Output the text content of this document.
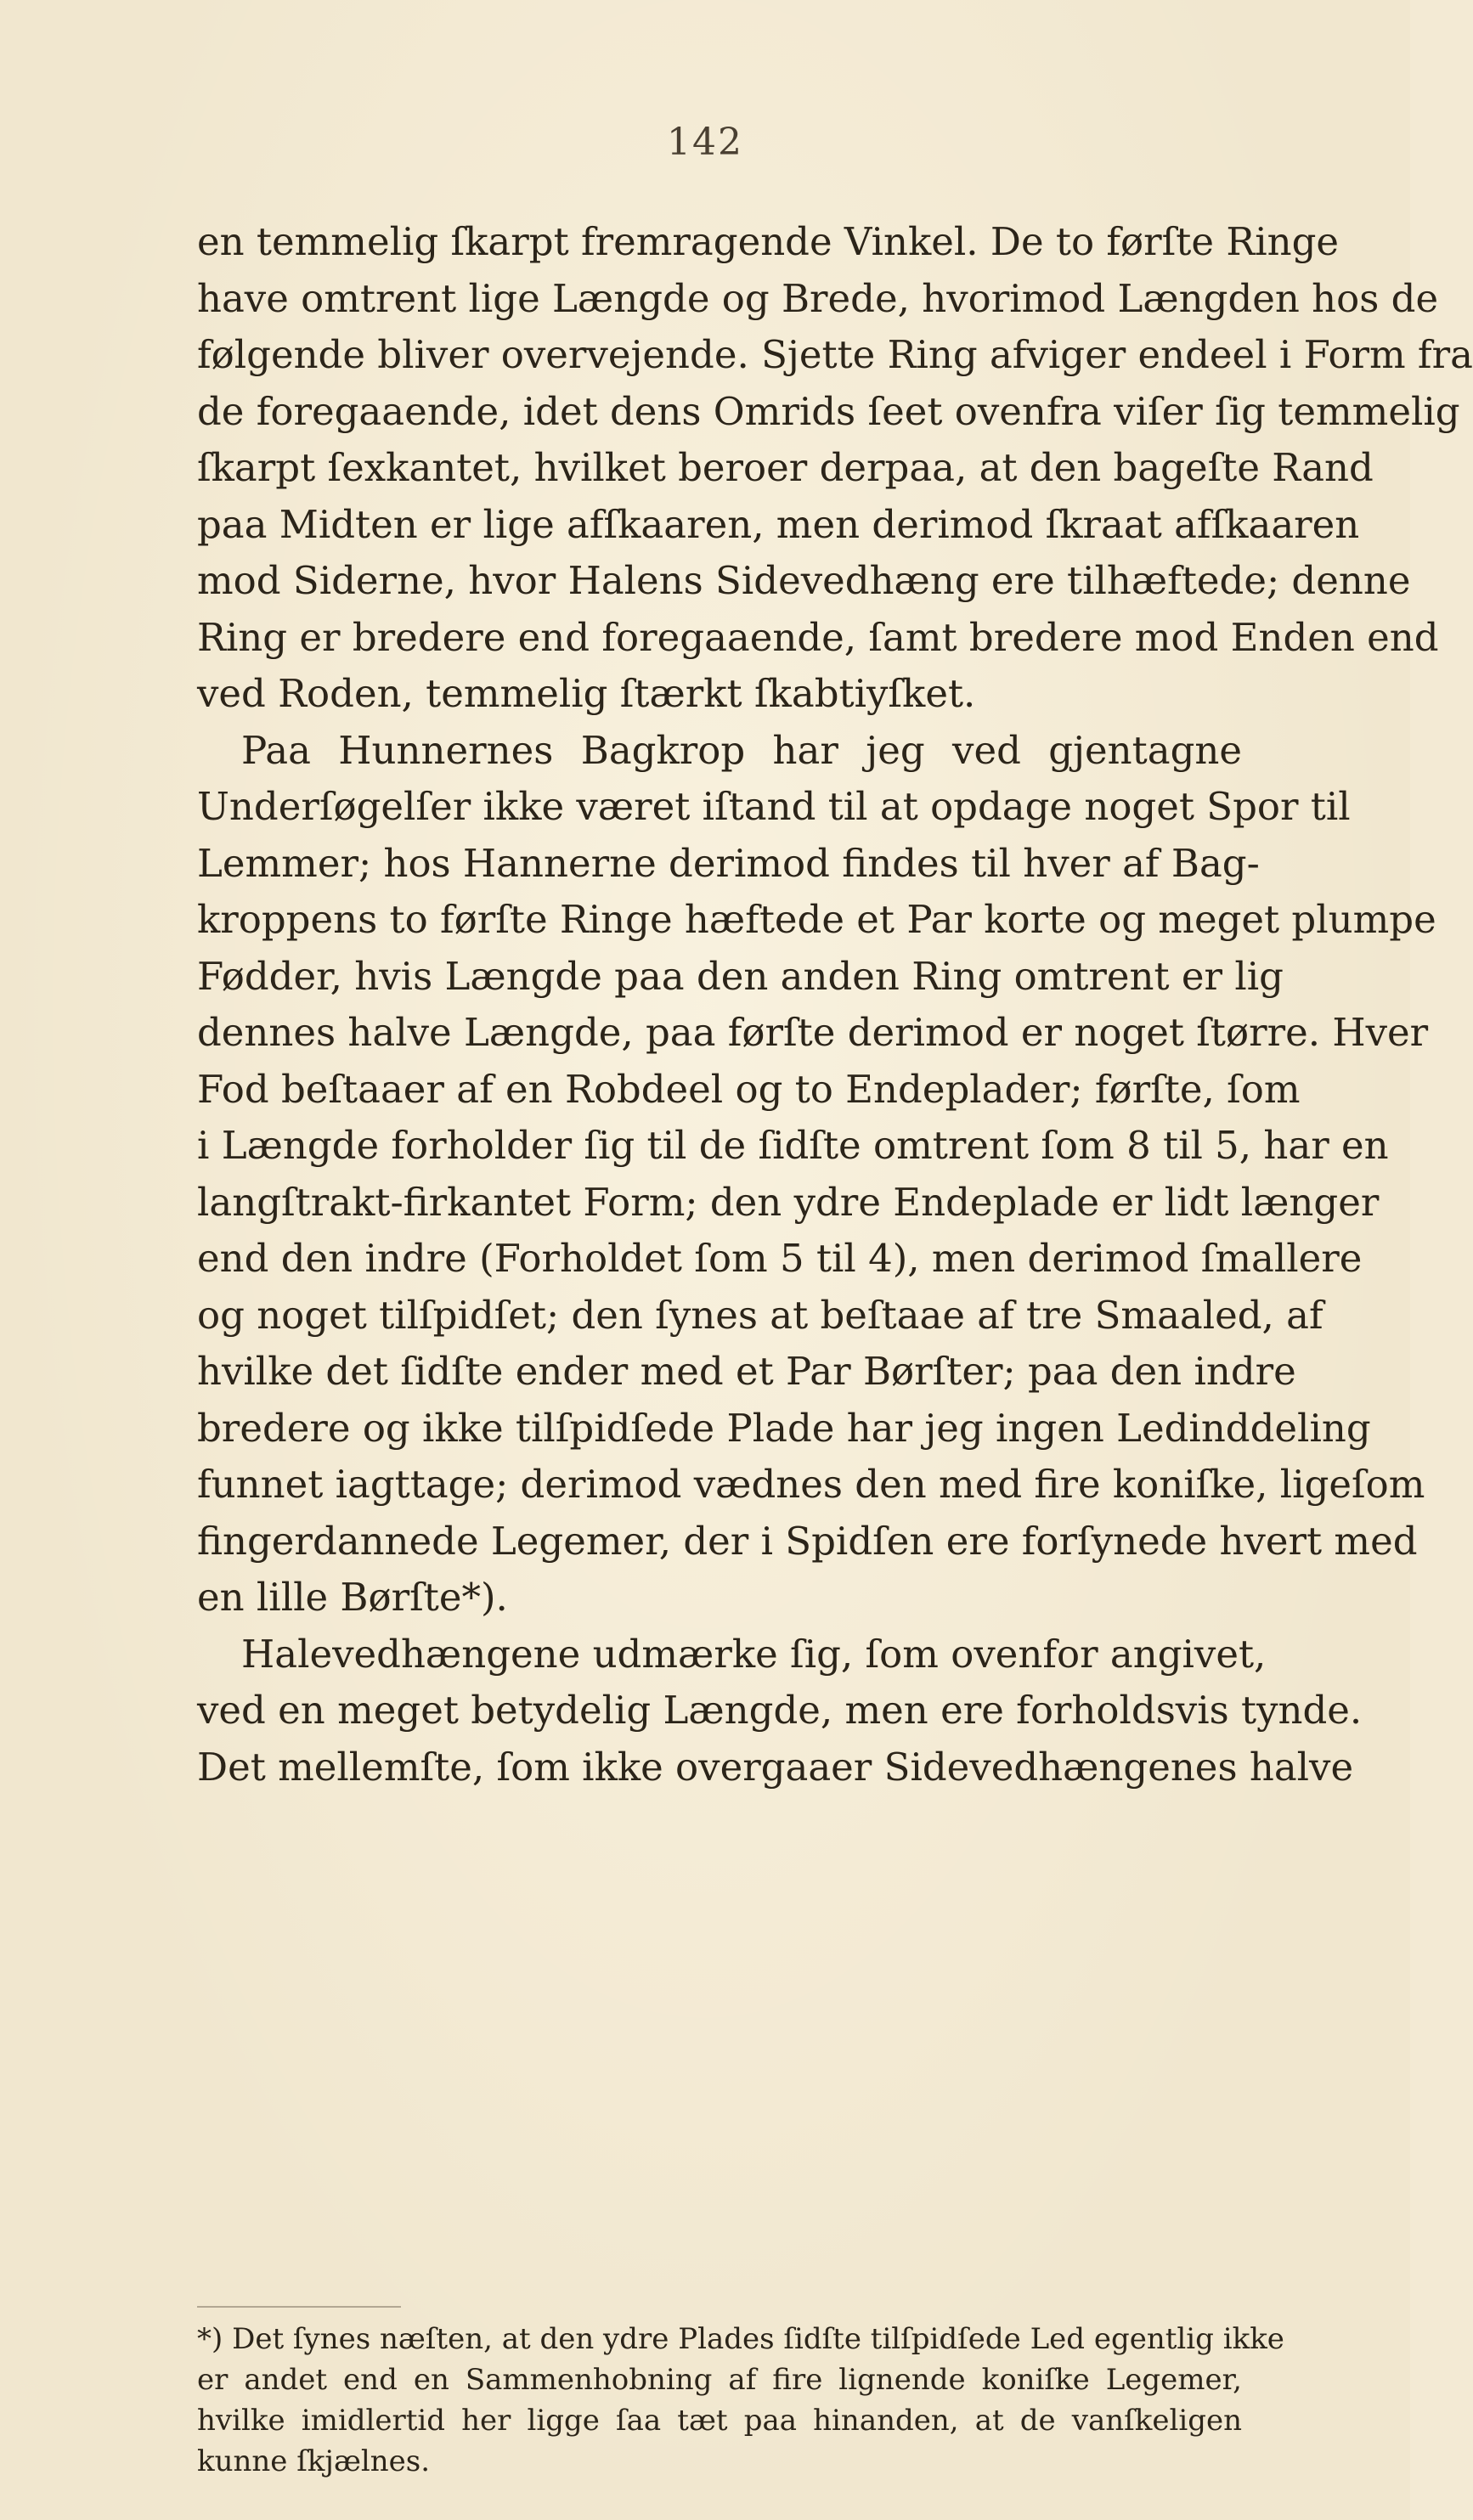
142
en temmelig ſkarpt fremragende Vinkel. De to førſte Ringe
have omtrent lige Længde og Brede, hvorimod Længden hos de
følgende bliver overvejende. Sjette Ring afviger endeel i Form fra
de foregaaende, idet dens Omrids ſeet ovenfra viſer ſig temmelig
ſkarpt ſexkantet, hvilket beroer derpaa, at den bageſte Rand
paa Midten er lige afſkaaren, men derimod ſkraat afſkaaren
mod Siderne, hvor Halens Sidevedhæng ere tilhæftede; denne
Ring er bredere end foregaaende, ſamt bredere mod Enden end
ved Roden, temmelig ſtærkt ſkabtiyſket.
Paa Hunnernes Bagkrop har jeg ved gjentagne
Underſøgelſer ikke været iſtand til at opdage noget Spor til
Lemmer; hos Hannerne derimod findes til hver af Bag-
kroppens to førſte Ringe hæftede et Par korte og meget plumpe
Fødder, hvis Længde paa den anden Ring omtrent er lig
dennes halve Længde, paa førſte derimod er noget ſtørre. Hver
Fod beſtaaer af en Robdeel og to Endeplader; førſte, ſom
i Længde forholder ſig til de ſidſte omtrent ſom 8 til 5, har en
langſtrakt-firkantet Form; den ydre Endeplade er lidt længer
end den indre (Forholdet ſom 5 til 4), men derimod ſmallere
og noget tilſpidſet; den ſynes at beſtaae af tre Smaaled, af
hvilke det ſidſte ender med et Par Børſter; paa den indre
bredere og ikke tilſpidſede Plade har jeg ingen Ledinddeling
funnet iagttage; derimod vædnes den med fire koniſke, ligeſom
fingerdannede Legemer, der i Spidſen ere forſynede hvert med
en lille Børſte*).
Halevedhængene udmærke ſig, ſom ovenfor angivet,
ved en meget betydelig Længde, men ere forholdsvis tynde.
Det mellemſte, ſom ikke overgaaer Sidevedhængenes halve
*) Det ſynes næſten, at den ydre Plades ſidſte tilſpidſede Led egentlig ikke
er andet end en Sammenhobning af fire lignende koniſke Legemer,
hvilke imidlertid her ligge ſaa tæt paa hinanden, at de vanſkeligen
kunne ſkjælnes.
